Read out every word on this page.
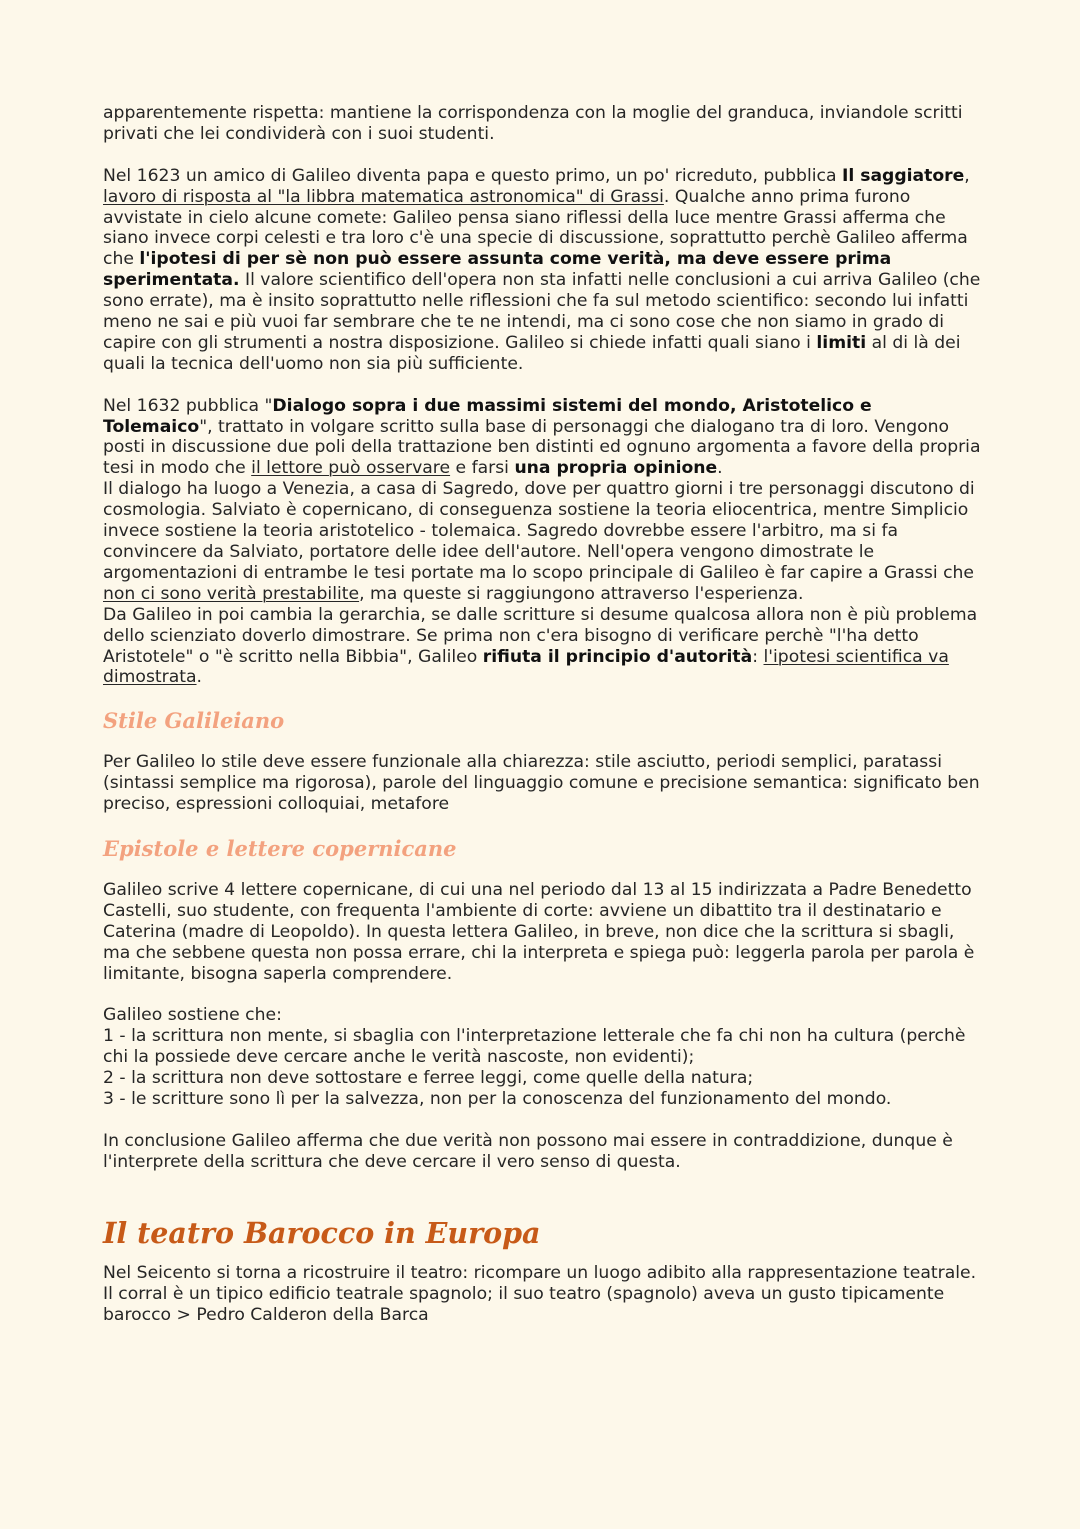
apparentemente rispetta: mantiene la corrispondenza con la moglie del granduca, inviandole scritti privati che lei condividerà con i suoi studenti.

Nel 1623 un amico di Galileo diventa papa e questo primo, un po' ricreduto, pubblica Il saggiatore, lavoro di risposta al "la libbra matematica astronomica" di Grassi. Qualche anno prima furono avvistate in cielo alcune comete: Galileo pensa siano riflessi della luce mentre Grassi afferma che siano invece corpi celesti e tra loro c'è una specie di discussione, soprattutto perchè Galileo afferma che l'ipotesi di per sè non può essere assunta come verità, ma deve essere prima sperimentata. Il valore scientifico dell'opera non sta infatti nelle conclusioni a cui arriva Galileo (che sono errate), ma è insito soprattutto nelle riflessioni che fa sul metodo scientifico: secondo lui infatti meno ne sai e più vuoi far sembrare che te ne intendi, ma ci sono cose che non siamo in grado di capire con gli strumenti a nostra disposizione. Galileo si chiede infatti quali siano i limiti al di là dei quali la tecnica dell'uomo non sia più sufficiente.

Nel 1632 pubblica "Dialogo sopra i due massimi sistemi del mondo, Aristotelico e Tolemaico", trattato in volgare scritto sulla base di personaggi che dialogano tra di loro. Vengono posti in discussione due poli della trattazione ben distinti ed ognuno argomenta a favore della propria tesi in modo che il lettore può osservare e farsi una propria opinione.

Il dialogo ha luogo a Venezia, a casa di Sagredo, dove per quattro giorni i tre personaggi discutono di cosmologia. Salviato è copernicano, di conseguenza sostiene la teoria eliocentrica, mentre Simplicio invece sostiene la teoria aristotelico - tolemaica. Sagredo dovrebbe essere l'arbitro, ma si fa convincere da Salviato, portatore delle idee dell'autore. Nell'opera vengono dimostrate le argomentazioni di entrambe le tesi portate ma lo scopo principale di Galileo è far capire a Grassi che non ci sono verità prestabilite, ma queste si raggiungono attraverso l'esperienza.

Da Galileo in poi cambia la gerarchia, se dalle scritture si desume qualcosa allora non è più problema dello scienziato doverlo dimostrare. Se prima non c'era bisogno di verificare perchè "l'ha detto Aristotele" o "è scritto nella Bibbia", Galileo rifiuta il principio d'autorità: l'ipotesi scientifica va dimostrata.

Stile Galileiano

Per Galileo lo stile deve essere funzionale alla chiarezza: stile asciutto, periodi semplici, paratassi (sintassi semplice ma rigorosa), parole del linguaggio comune e precisione semantica: significato ben preciso, espressioni colloquiai, metafore

Epistole e lettere copernicane

Galileo scrive 4 lettere copernicane, di cui una nel periodo dal 13 al 15 indirizzata a Padre Benedetto Castelli, suo studente, con frequenta l'ambiente di corte: avviene un dibattito tra il destinatario e Caterina (madre di Leopoldo). In questa lettera Galileo, in breve, non dice che la scrittura si sbagli, ma che sebbene questa non possa errare, chi la interpreta e spiega può: leggerla parola per parola è limitante, bisogna saperla comprendere.

Galileo sostiene che:
1 - la scrittura non mente, si sbaglia con l'interpretazione letterale che fa chi non ha cultura (perchè chi la possiede deve cercare anche le verità nascoste, non evidenti);
2 - la scrittura non deve sottostare e ferree leggi, come quelle della natura;
3 - le scritture sono lì per la salvezza, non per la conoscenza del funzionamento del mondo.

In conclusione Galileo afferma che due verità non possono mai essere in contraddizione, dunque è l'interprete della scrittura che deve cercare il vero senso di questa.

Il teatro Barocco in Europa

Nel Seicento si torna a ricostruire il teatro: ricompare un luogo adibito alla rappresentazione teatrale.

Il corral è un tipico edificio teatrale spagnolo; il suo teatro (spagnolo) aveva un gusto tipicamente barocco > Pedro Calderon della Barca
